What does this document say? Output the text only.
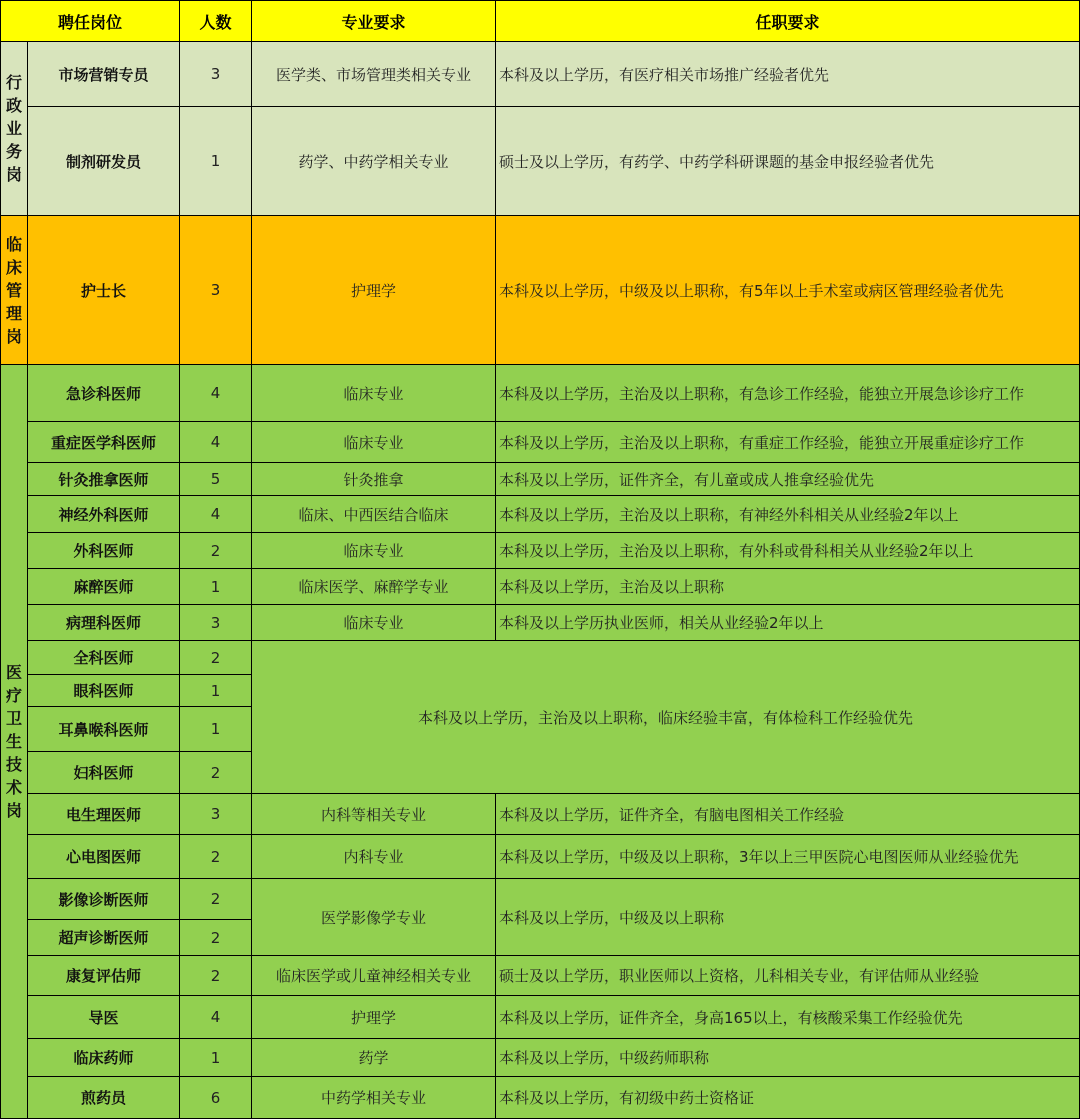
聘任岗位		人数	专业要求	任职要求
行政业务岗	市场营销专员	3	医学类、市场管理类相关专业	本科及以上学历，有医疗相关市场推广经验者优先
	制剂研发员	1	药学、中药学相关专业	硕士及以上学历，有药学、中药学科研课题的基金申报经验者优先
临床管理岗	护士长	3	护理学	本科及以上学历，中级及以上职称，有5年以上手术室或病区管理经验者优先
医疗卫生技术岗	急诊科医师	4	临床专业	本科及以上学历，主治及以上职称，有急诊工作经验，能独立开展急诊诊疗工作
	重症医学科医师	4	临床专业	本科及以上学历，主治及以上职称，有重症工作经验，能独立开展重症诊疗工作
	针灸推拿医师	5	针灸推拿	本科及以上学历，证件齐全，有儿童或成人推拿经验优先
	神经外科医师	4	临床、中西医结合临床	本科及以上学历，主治及以上职称，有神经外科相关从业经验2年以上
	外科医师	2	临床专业	本科及以上学历，主治及以上职称，有外科或骨科相关从业经验2年以上
	麻醉医师	1	临床医学、麻醉学专业	本科及以上学历，主治及以上职称
	病理科医师	3	临床专业	本科及以上学历执业医师，相关从业经验2年以上
	全科医师	2	本科及以上学历，主治及以上职称，临床经验丰富，有体检科工作经验优先	
	眼科医师	1		
	耳鼻喉科医师	1		
	妇科医师	2		
	电生理医师	3	内科等相关专业	本科及以上学历，证件齐全，有脑电图相关工作经验
	心电图医师	2	内科专业	本科及以上学历，中级及以上职称，3年以上三甲医院心电图医师从业经验优先
	影像诊断医师	2	医学影像学专业	本科及以上学历，中级及以上职称
	超声诊断医师	2		
	康复评估师	2	临床医学或儿童神经相关专业	硕士及以上学历，职业医师以上资格，儿科相关专业，有评估师从业经验
	导医	4	护理学	本科及以上学历，证件齐全，身高165以上，有核酸采集工作经验优先
	临床药师	1	药学	本科及以上学历，中级药师职称
	煎药员	6	中药学相关专业	本科及以上学历，有初级中药士资格证
